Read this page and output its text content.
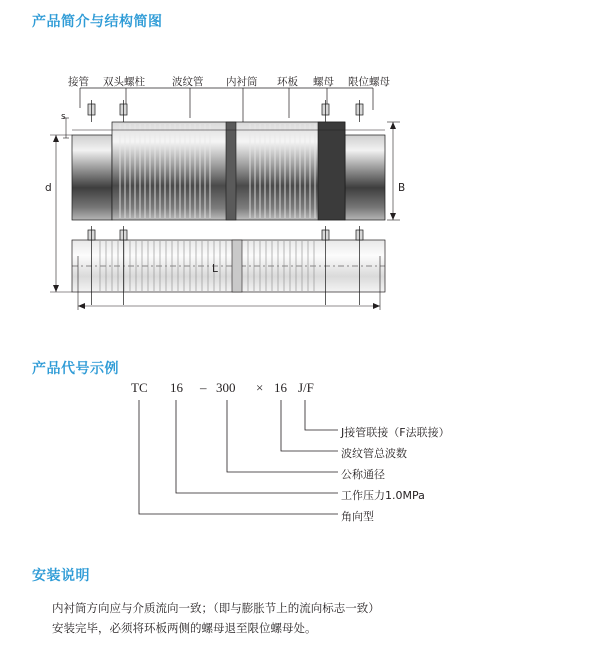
产品简介与结构简图
产品代号示例
安装说明
接管 双头螺柱	波纹管 内衬筒 环板 螺母 限位螺母
s
d	B
L
TC 16 – 300 × 16 J/F
J接管联接（F法联接）
波纹管总波数
公称通径
工作压力1.0MPa
角向型
内衬筒方向应与介质流向一致；（即与膨胀节上的流向标志一致）
安装完毕，必须将环板两侧的螺母退至限位螺母处。
